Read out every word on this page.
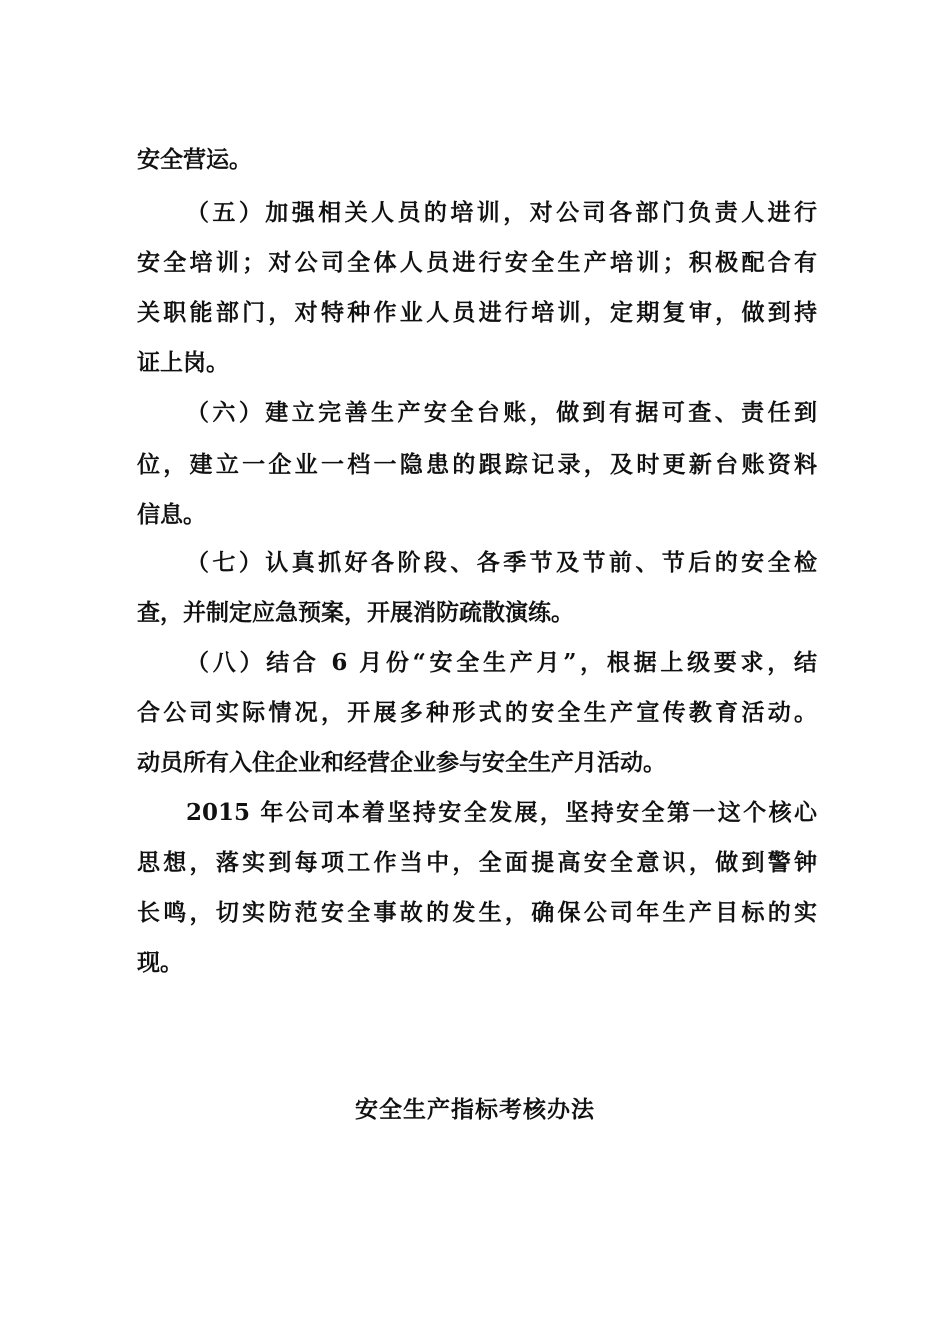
安全营运。
（五）加强相关人员的培训，对公司各部门负责人进行
安全培训；对公司全体人员进行安全生产培训；积极配合有
关职能部门，对特种作业人员进行培训，定期复审，做到持
证上岗。
（六）建立完善生产安全台账，做到有据可查、责任到
位，建立一企业一档一隐患的跟踪记录，及时更新台账资料
信息。
（七）认真抓好各阶段、各季节及节前、节后的安全检
查，并制定应急预案，开展消防疏散演练。
（八）结合 6 月份“安全生产月”，根据上级要求，结
合公司实际情况，开展多种形式的安全生产宣传教育活动。
动员所有入住企业和经营企业参与安全生产月活动。
2015 年公司本着坚持安全发展，坚持安全第一这个核心
思想，落实到每项工作当中，全面提高安全意识，做到警钟
长鸣，切实防范安全事故的发生，确保公司年生产目标的实
现。
安全生产指标考核办法
